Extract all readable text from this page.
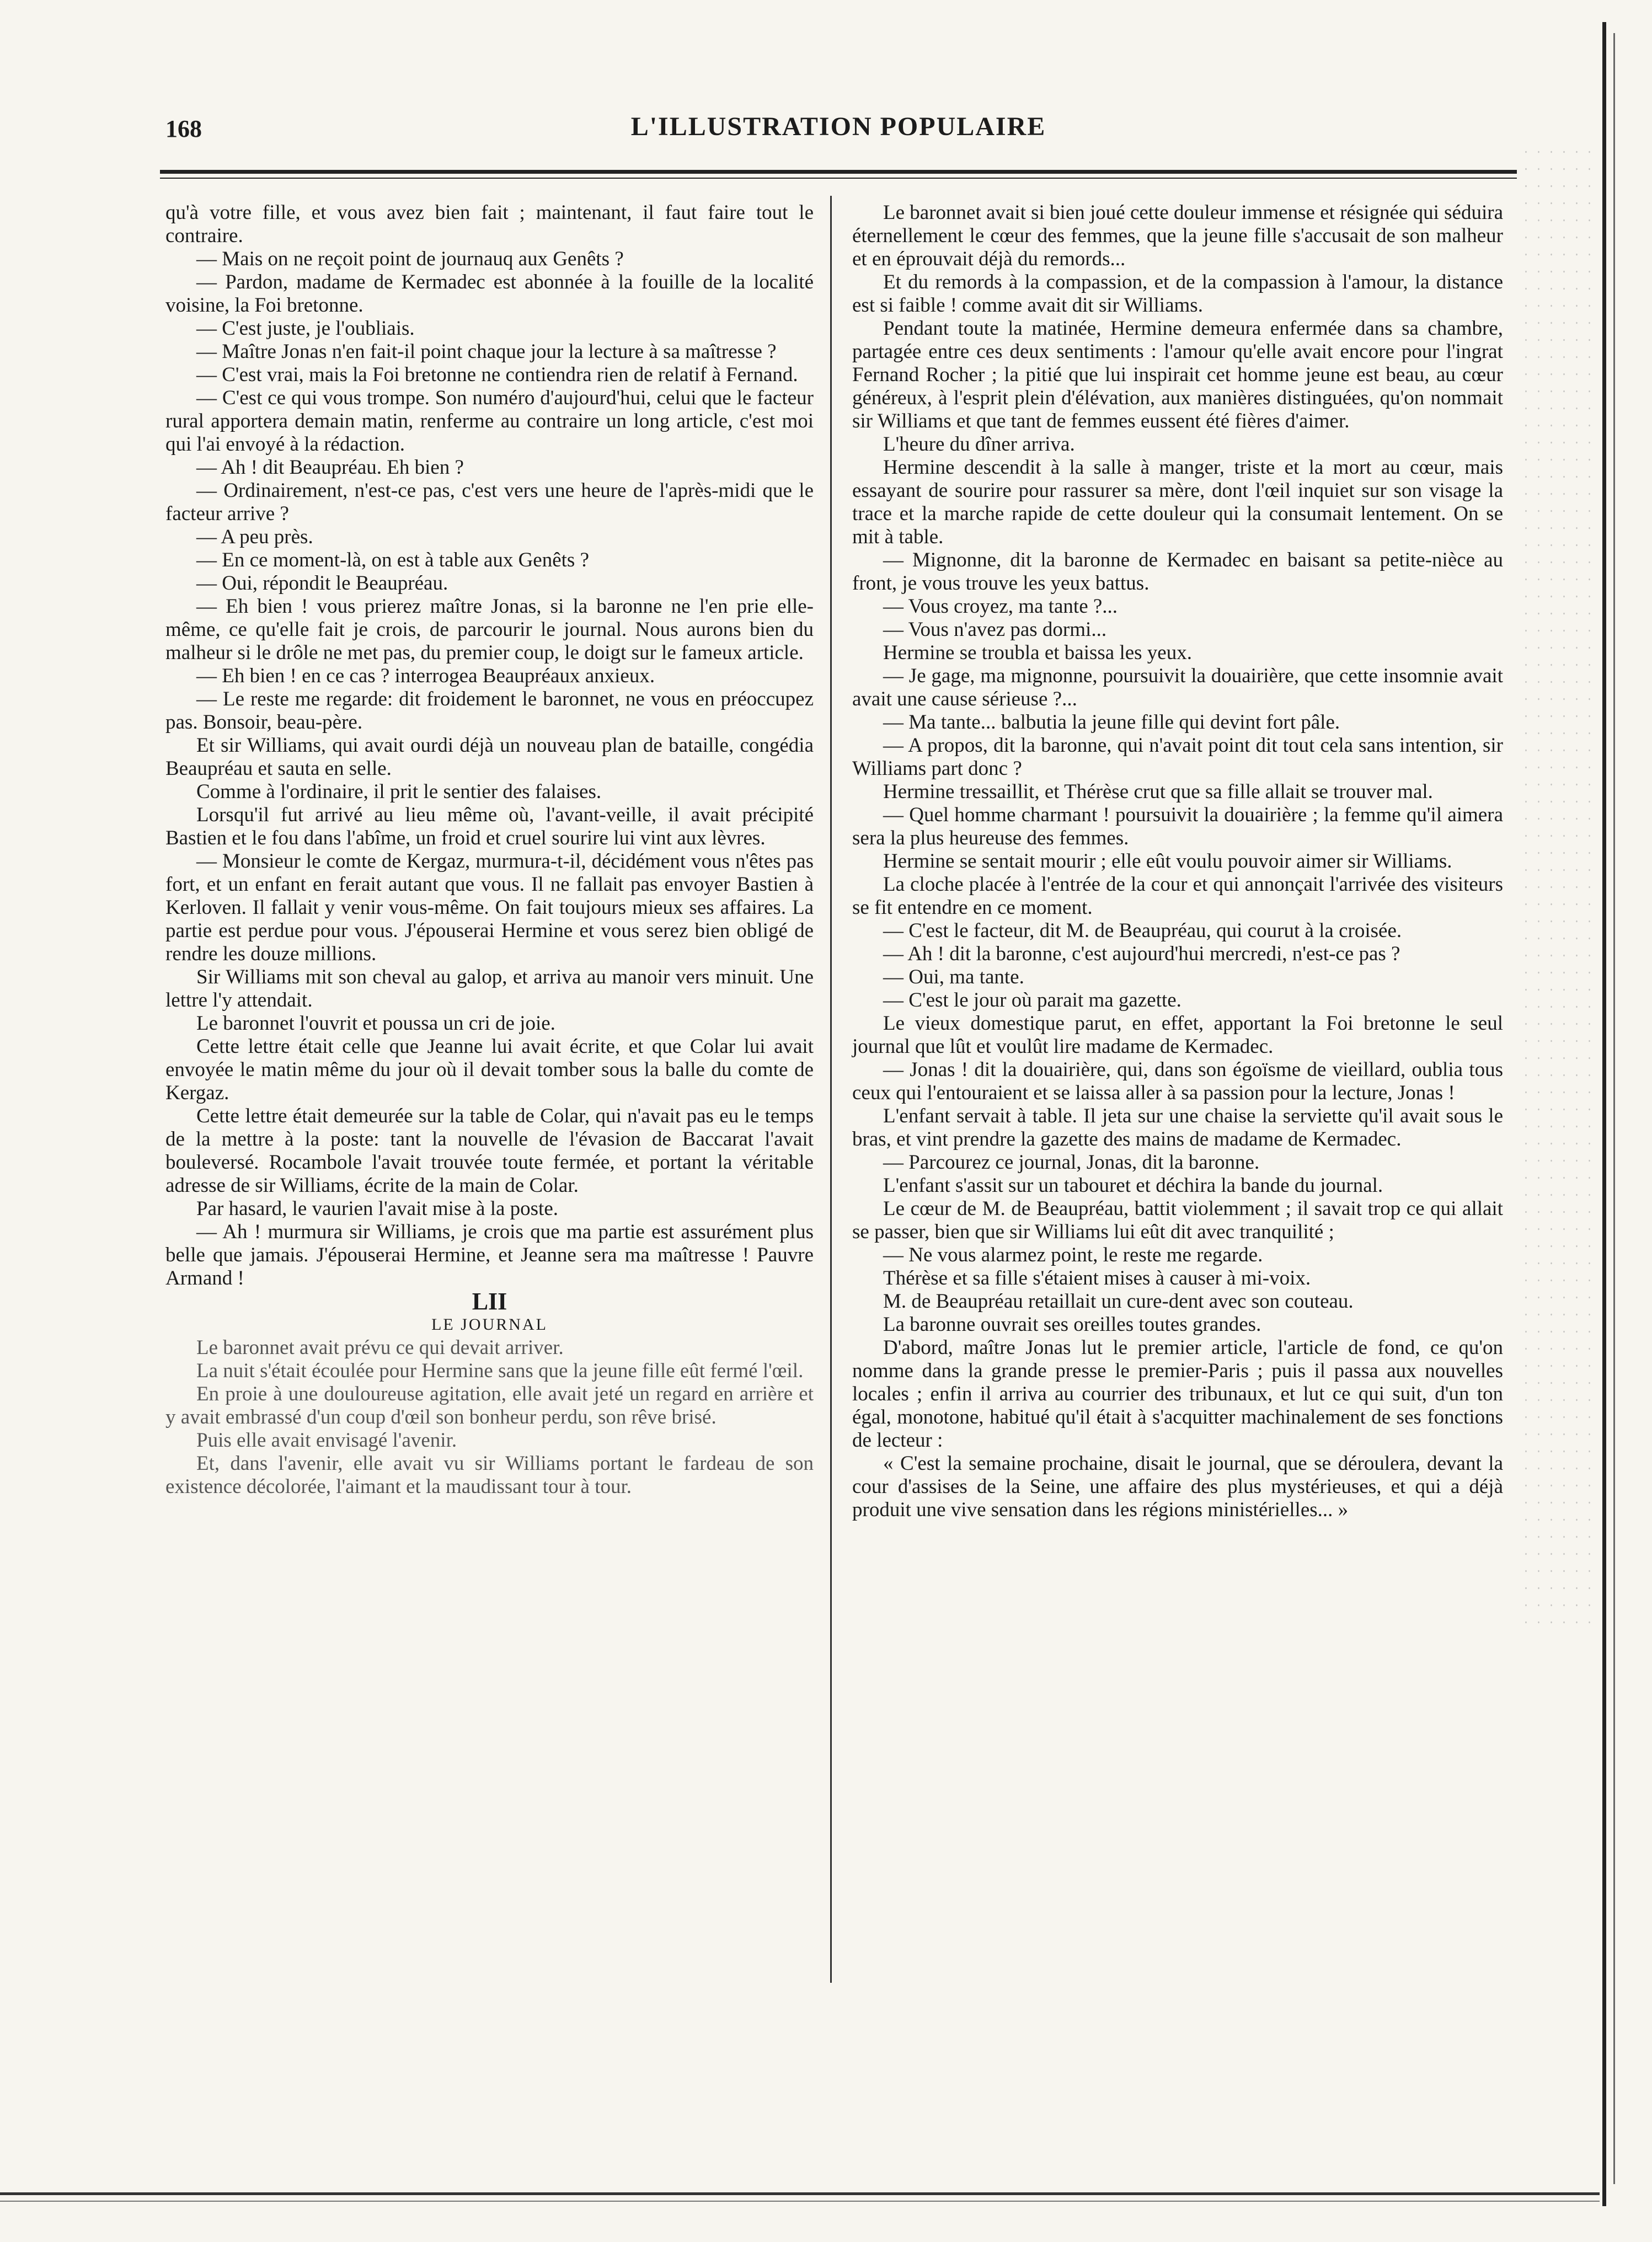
168	L'ILLUSTRATION POPULAIRE

qu'à votre fille, et vous avez bien fait ; maintenant, il faut faire tout le contraire.

— Mais on ne reçoit point de journauq aux Genêts ?

— Pardon, madame de Kermadec est abonnée à la fouille de la localité voisine, la Foi bretonne.

— C'est juste, je l'oubliais.

— Maître Jonas n'en fait-il point chaque jour la lecture à sa maîtresse ?

— C'est vrai, mais la Foi bretonne ne contiendra rien de relatif à Fernand.

— C'est ce qui vous trompe. Son numéro d'aujourd'hui, celui que le facteur rural apportera demain matin, renferme au contraire un long article, c'est moi qui l'ai envoyé à la rédaction.

— Ah ! dit Beaupréau. Eh bien ?

— Ordinairement, n'est-ce pas, c'est vers une heure de l'après-midi que le facteur arrive ?

— A peu près.

— En ce moment-là, on est à table aux Genêts ?

— Oui, répondit le Beaupréau.

— Eh bien ! vous prierez maître Jonas, si la baronne ne l'en prie elle-même, ce qu'elle fait je crois, de parcourir le journal. Nous aurons bien du malheur si le drôle ne met pas, du premier coup, le doigt sur le fameux article.

— Eh bien ! en ce cas ? interrogea Beaupréaux anxieux.

— Le reste me regarde: dit froidement le baronnet, ne vous en préoccupez pas. Bonsoir, beau-père.

Et sir Williams, qui avait ourdi déjà un nouveau plan de bataille, congédia Beaupréau et sauta en selle.

Comme à l'ordinaire, il prit le sentier des falaises.

Lorsqu'il fut arrivé au lieu même où, l'avant-veille, il avait précipité Bastien et le fou dans l'abîme, un froid et cruel sourire lui vint aux lèvres.

— Monsieur le comte de Kergaz, murmura-t-il, décidément vous n'êtes pas fort, et un enfant en ferait autant que vous. Il ne fallait pas envoyer Bastien à Kerloven. Il fallait y venir vous-même. On fait toujours mieux ses affaires. La partie est perdue pour vous. J'épouserai Hermine et vous serez bien obligé de rendre les douze millions.

Sir Williams mit son cheval au galop, et arriva au manoir vers minuit. Une lettre l'y attendait.

Le baronnet l'ouvrit et poussa un cri de joie.

Cette lettre était celle que Jeanne lui avait écrite, et que Colar lui avait envoyée le matin même du jour où il devait tomber sous la balle du comte de Kergaz.

Cette lettre était demeurée sur la table de Colar, qui n'avait pas eu le temps de la mettre à la poste: tant la nouvelle de l'évasion de Baccarat l'avait bouleversé. Rocambole l'avait trouvée toute fermée, et portant la véritable adresse de sir Williams, écrite de la main de Colar.

Par hasard, le vaurien l'avait mise à la poste.

— Ah ! murmura sir Williams, je crois que ma partie est assurément plus belle que jamais. J'épouserai Hermine, et Jeanne sera ma maîtresse ! Pauvre Armand !

LII

LE JOURNAL

Le baronnet avait prévu ce qui devait arriver.

La nuit s'était écoulée pour Hermine sans que la jeune fille eût fermé l'œil.

En proie à une douloureuse agitation, elle avait jeté un regard en arrière et y avait embrassé d'un coup d'œil son bonheur perdu, son rêve brisé.

Puis elle avait envisagé l'avenir.

Et, dans l'avenir, elle avait vu sir Williams portant le fardeau de son existence décolorée, l'aimant et la maudissant tour à tour.

Le baronnet avait si bien joué cette douleur immense et résignée qui séduira éternellement le cœur des femmes, que la jeune fille s'accusait de son malheur et en éprouvait déjà du remords...

Et du remords à la compassion, et de la compassion à l'amour, la distance est si faible ! comme avait dit sir Williams.

Pendant toute la matinée, Hermine demeura enfermée dans sa chambre, partagée entre ces deux sentiments : l'amour qu'elle avait encore pour l'ingrat Fernand Rocher ; la pitié que lui inspirait cet homme jeune est beau, au cœur généreux, à l'esprit plein d'élévation, aux manières distinguées, qu'on nommait sir Williams et que tant de femmes eussent été fières d'aimer.

L'heure du dîner arriva.

Hermine descendit à la salle à manger, triste et la mort au cœur, mais essayant de sourire pour rassurer sa mère, dont l'œil inquiet sur son visage la trace et la marche rapide de cette douleur qui la consumait lentement. On se mit à table.

— Mignonne, dit la baronne de Kermadec en baisant sa petite-nièce au front, je vous trouve les yeux battus.

— Vous croyez, ma tante ?...

— Vous n'avez pas dormi...

Hermine se troubla et baissa les yeux.

— Je gage, ma mignonne, poursuivit la douairière, que cette insomnie avait avait une cause sérieuse ?...

— Ma tante... balbutia la jeune fille qui devint fort pâle.

— A propos, dit la baronne, qui n'avait point dit tout cela sans intention, sir Williams part donc ?

Hermine tressaillit, et Thérèse crut que sa fille allait se trouver mal.

— Quel homme charmant ! poursuivit la douairière ; la femme qu'il aimera sera la plus heureuse des femmes.

Hermine se sentait mourir ; elle eût voulu pouvoir aimer sir Williams.

La cloche placée à l'entrée de la cour et qui annonçait l'arrivée des visiteurs se fit entendre en ce moment.

— C'est le facteur, dit M. de Beaupréau, qui courut à la croisée.

— Ah ! dit la baronne, c'est aujourd'hui mercredi, n'est-ce pas ?

— Oui, ma tante.

— C'est le jour où parait ma gazette.

Le vieux domestique parut, en effet, apportant la Foi bretonne le seul journal que lût et voulût lire madame de Kermadec.

— Jonas ! dit la douairière, qui, dans son égoïsme de vieillard, oublia tous ceux qui l'entouraient et se laissa aller à sa passion pour la lecture, Jonas !

L'enfant servait à table. Il jeta sur une chaise la serviette qu'il avait sous le bras, et vint prendre la gazette des mains de madame de Kermadec.

— Parcourez ce journal, Jonas, dit la baronne.

L'enfant s'assit sur un tabouret et déchira la bande du journal.

Le cœur de M. de Beaupréau, battit violemment ; il savait trop ce qui allait se passer, bien que sir Williams lui eût dit avec tranquilité ;

— Ne vous alarmez point, le reste me regarde.

Thérèse et sa fille s'étaient mises à causer à mi-voix.

M. de Beaupréau retaillait un cure-dent avec son couteau.

La baronne ouvrait ses oreilles toutes grandes.

D'abord, maître Jonas lut le premier article, l'article de fond, ce qu'on nomme dans la grande presse le premier-Paris ; puis il passa aux nouvelles locales ; enfin il arriva au courrier des tribunaux, et lut ce qui suit, d'un ton égal, monotone, habitué qu'il était à s'acquitter machinalement de ses fonctions de lecteur :

« C'est la semaine prochaine, disait le journal, que se déroulera, devant la cour d'assises de la Seine, une affaire des plus mystérieuses, et qui a déjà produit une vive sensation dans les régions ministérielles... »
